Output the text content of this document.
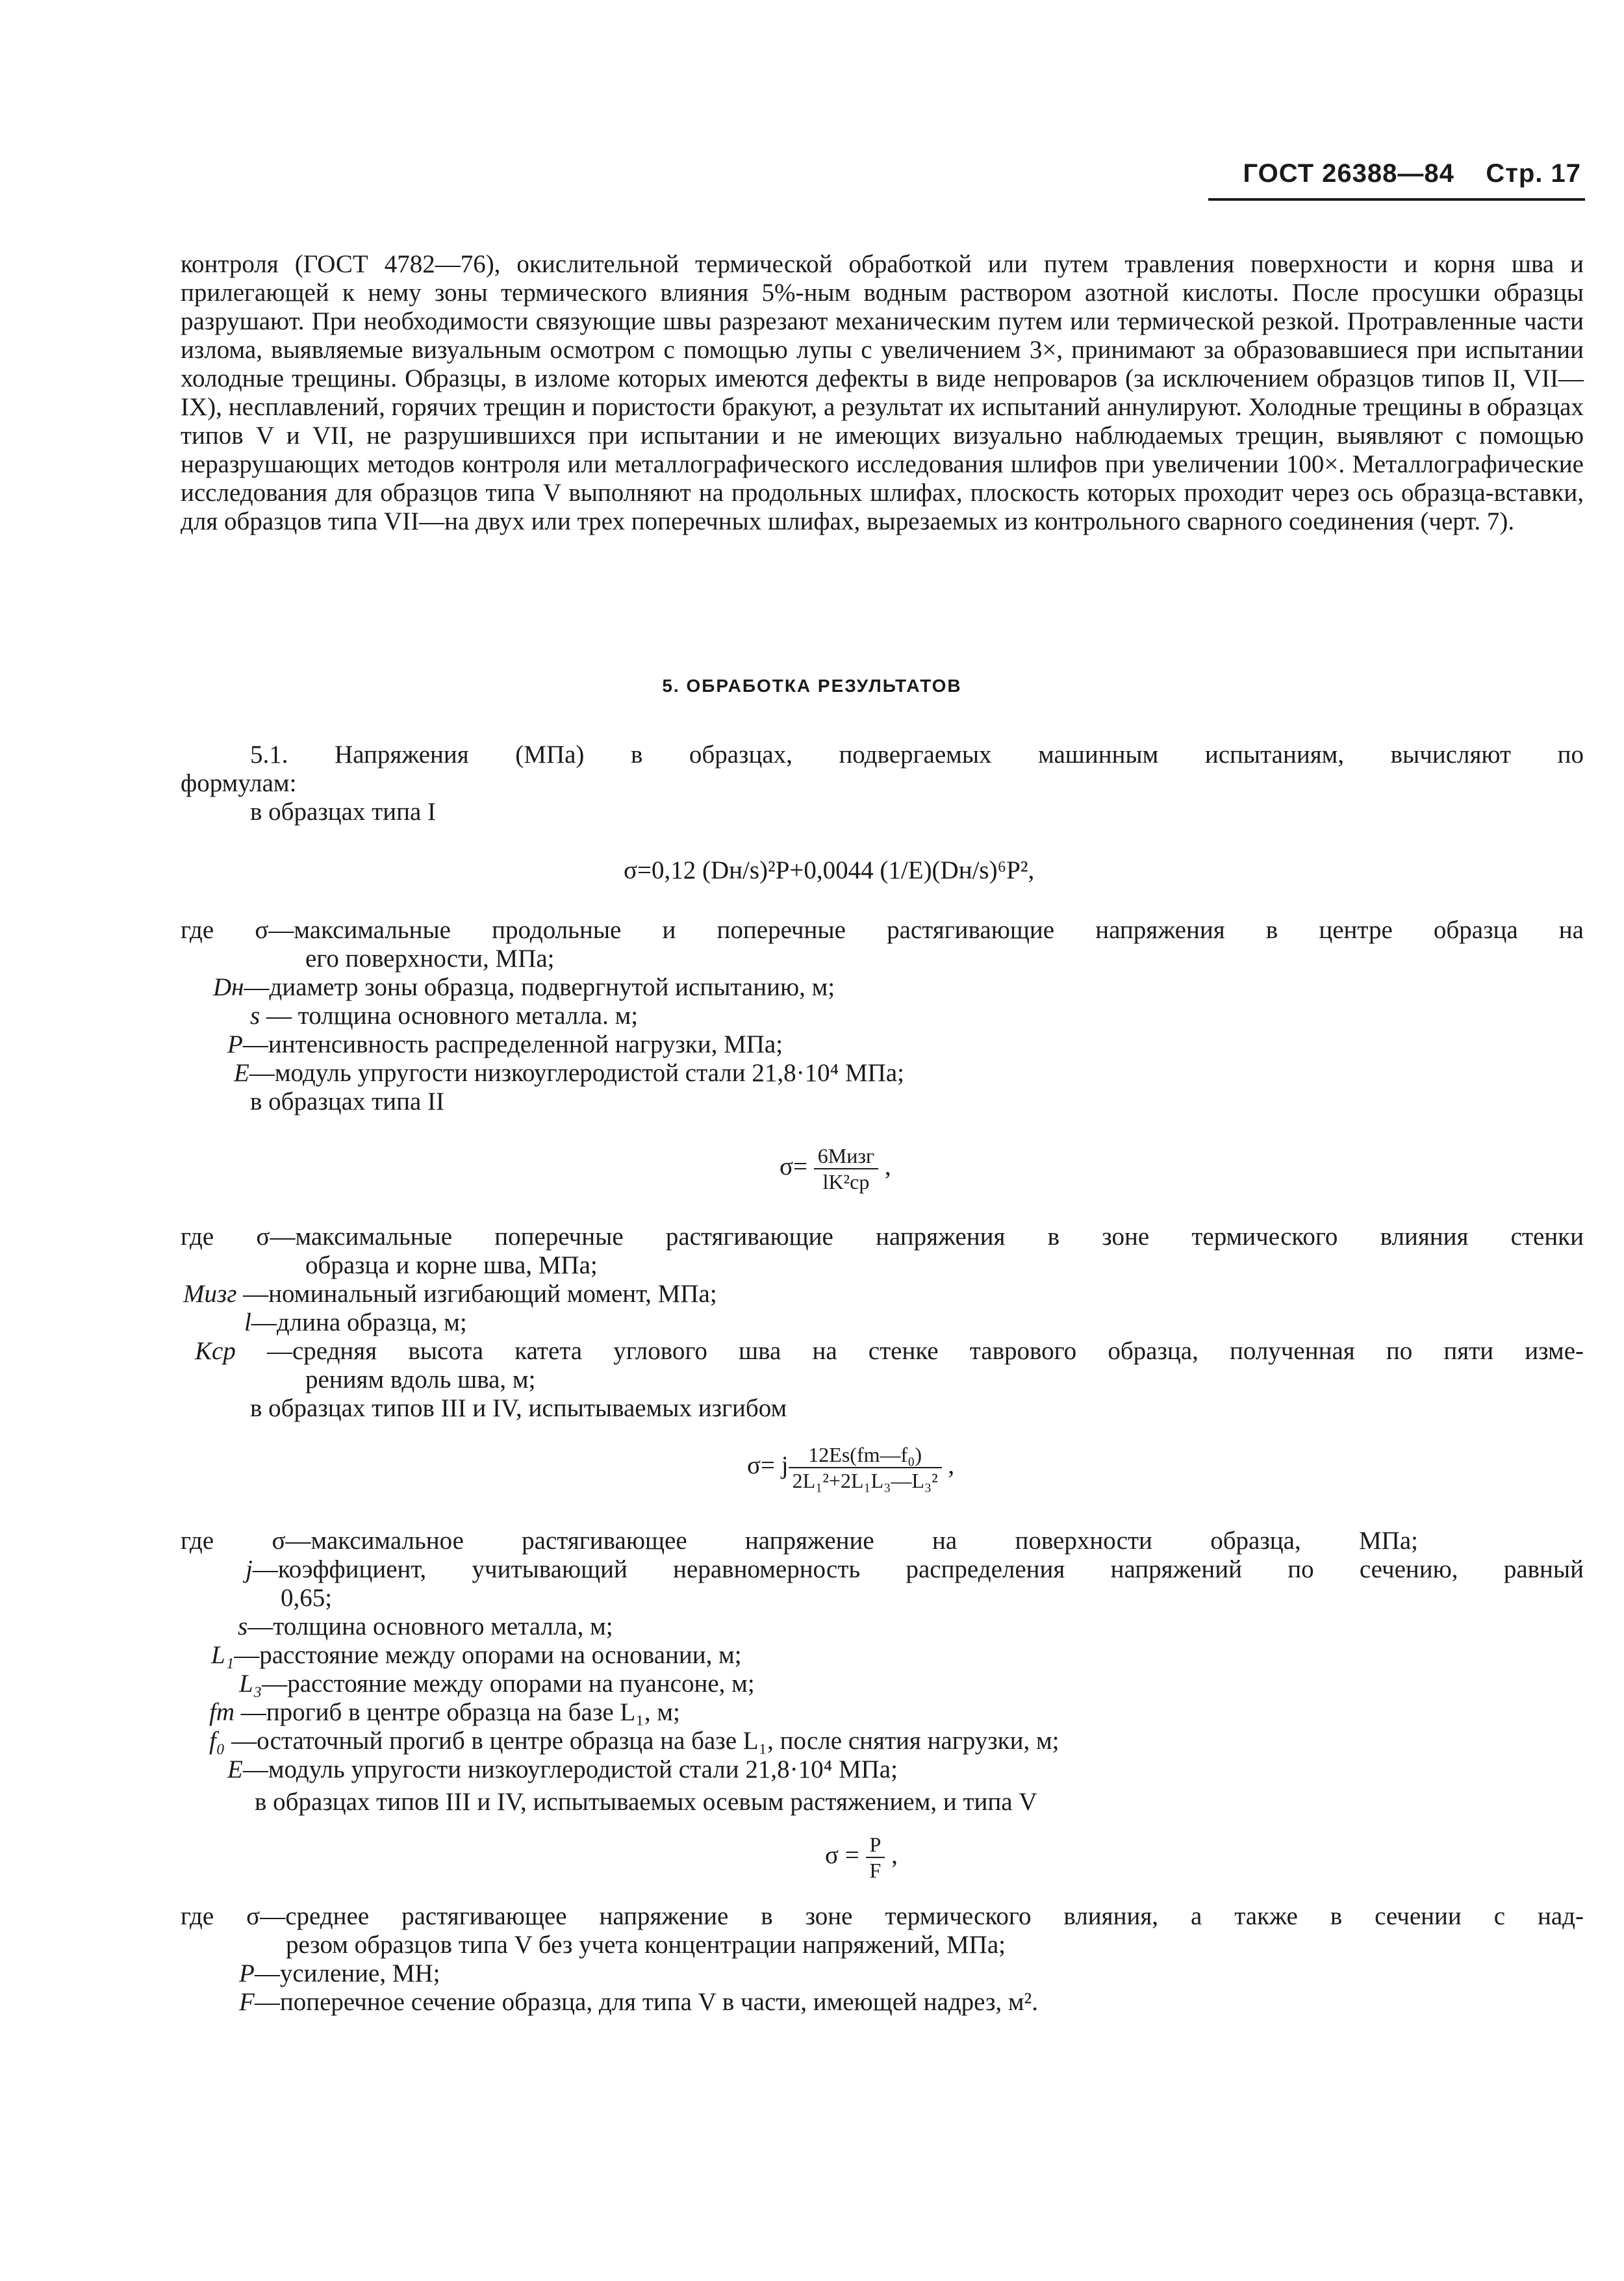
ГОСТ 26388—84 Стр. 17
контроля (ГОСТ 4782—76), окислительной термической обработкой или путем травления поверхности и корня шва и прилегающей к нему зоны термического влияния 5%-ным водным раствором азотной кислоты. После просушки образцы разрушают. При необходимости связующие швы разрезают механическим путем или термической резкой. Протравленные части излома, выявляемые визуальным осмотром с помощью лупы с увеличением 3×, принимают за образовавшиеся при испытании холодные трещины. Образцы, в изломе которых имеются дефекты в виде непроваров (за исключением образцов типов II, VII—IX), несплавлений, горячих трещин и пористости бракуют, а результат их испытаний аннулируют. Холодные трещины в образцах типов V и VII, не разрушившихся при испытании и не имеющих визуально наблюдаемых трещин, выявляют с помощью неразрушающих методов контроля или металлографического исследования шлифов при увеличении 100×. Металлографические исследования для образцов типа V выполняют на продольных шлифах, плоскость которых проходит через ось образца-вставки, для образцов типа VII—на двух или трех поперечных шлифах, вырезаемых из контрольного сварного соединения (черт. 7).
5. ОБРАБОТКА РЕЗУЛЬТАТОВ
5.1. Напряжения (МПа) в образцах, подвергаемых машинным испытаниям, вычисляют по
формулам:
в образцах типа I
σ=0,12 (Dн/s)²P+0,0044 (1/E)(Dн/s)⁶P²,
где σ—максимальные продольные и поперечные растягивающие напряжения в центре образца на
его поверхности, МПа;
Dн—диаметр зоны образца, подвергнутой испытанию, м;
s — толщина основного металла. м;
P—интенсивность распределенной нагрузки, МПа;
E—модуль упругости низкоуглеродистой стали 21,8·10⁴ МПа;
в образцах типа II
$\sigma= \frac{\text{6Mизг}}{\text{lK²ср}}$ ,
где σ—максимальные поперечные растягивающие напряжения в зоне термического влияния стенки
образца и корне шва, МПа;
Mизг —номинальный изгибающий момент, МПа;
l—длина образца, м;
Kср —средняя высота катета углового шва на стенке таврового образца, полученная по пяти изме-
рениям вдоль шва, м;
в образцах типов III и IV, испытываемых изгибом
σ= j $\frac{\text{12Es(fm—f₀)}}{\text{2L₁²+2L₁L₃—L₃²}}$ ,
где σ—максимальное растягивающее напряжение на поверхности образца, МПа;
j—коэффициент, учитывающий неравномерность распределения напряжений по сечению, равный
0,65;
s—толщина основного металла, м;
L₁—расстояние между опорами на основании, м;
L₃—расстояние между опорами на пуансоне, м;
fm —прогиб в центре образца на базе L₁, м;
f₀ —остаточный прогиб в центре образца на базе L₁, после снятия нагрузки, м;
E—модуль упругости низкоуглеродистой стали 21,8·10⁴ МПа;
в образцах типов III и IV, испытываемых осевым растяжением, и типа V
$\sigma = \frac{P}{F}$ ,
где σ—среднее растягивающее напряжение в зоне термического влияния, а также в сечении с над-
резом образцов типа V без учета концентрации напряжений, МПа;
P—усиление, МН;
F—поперечное сечение образца, для типа V в части, имеющей надрез, м².
